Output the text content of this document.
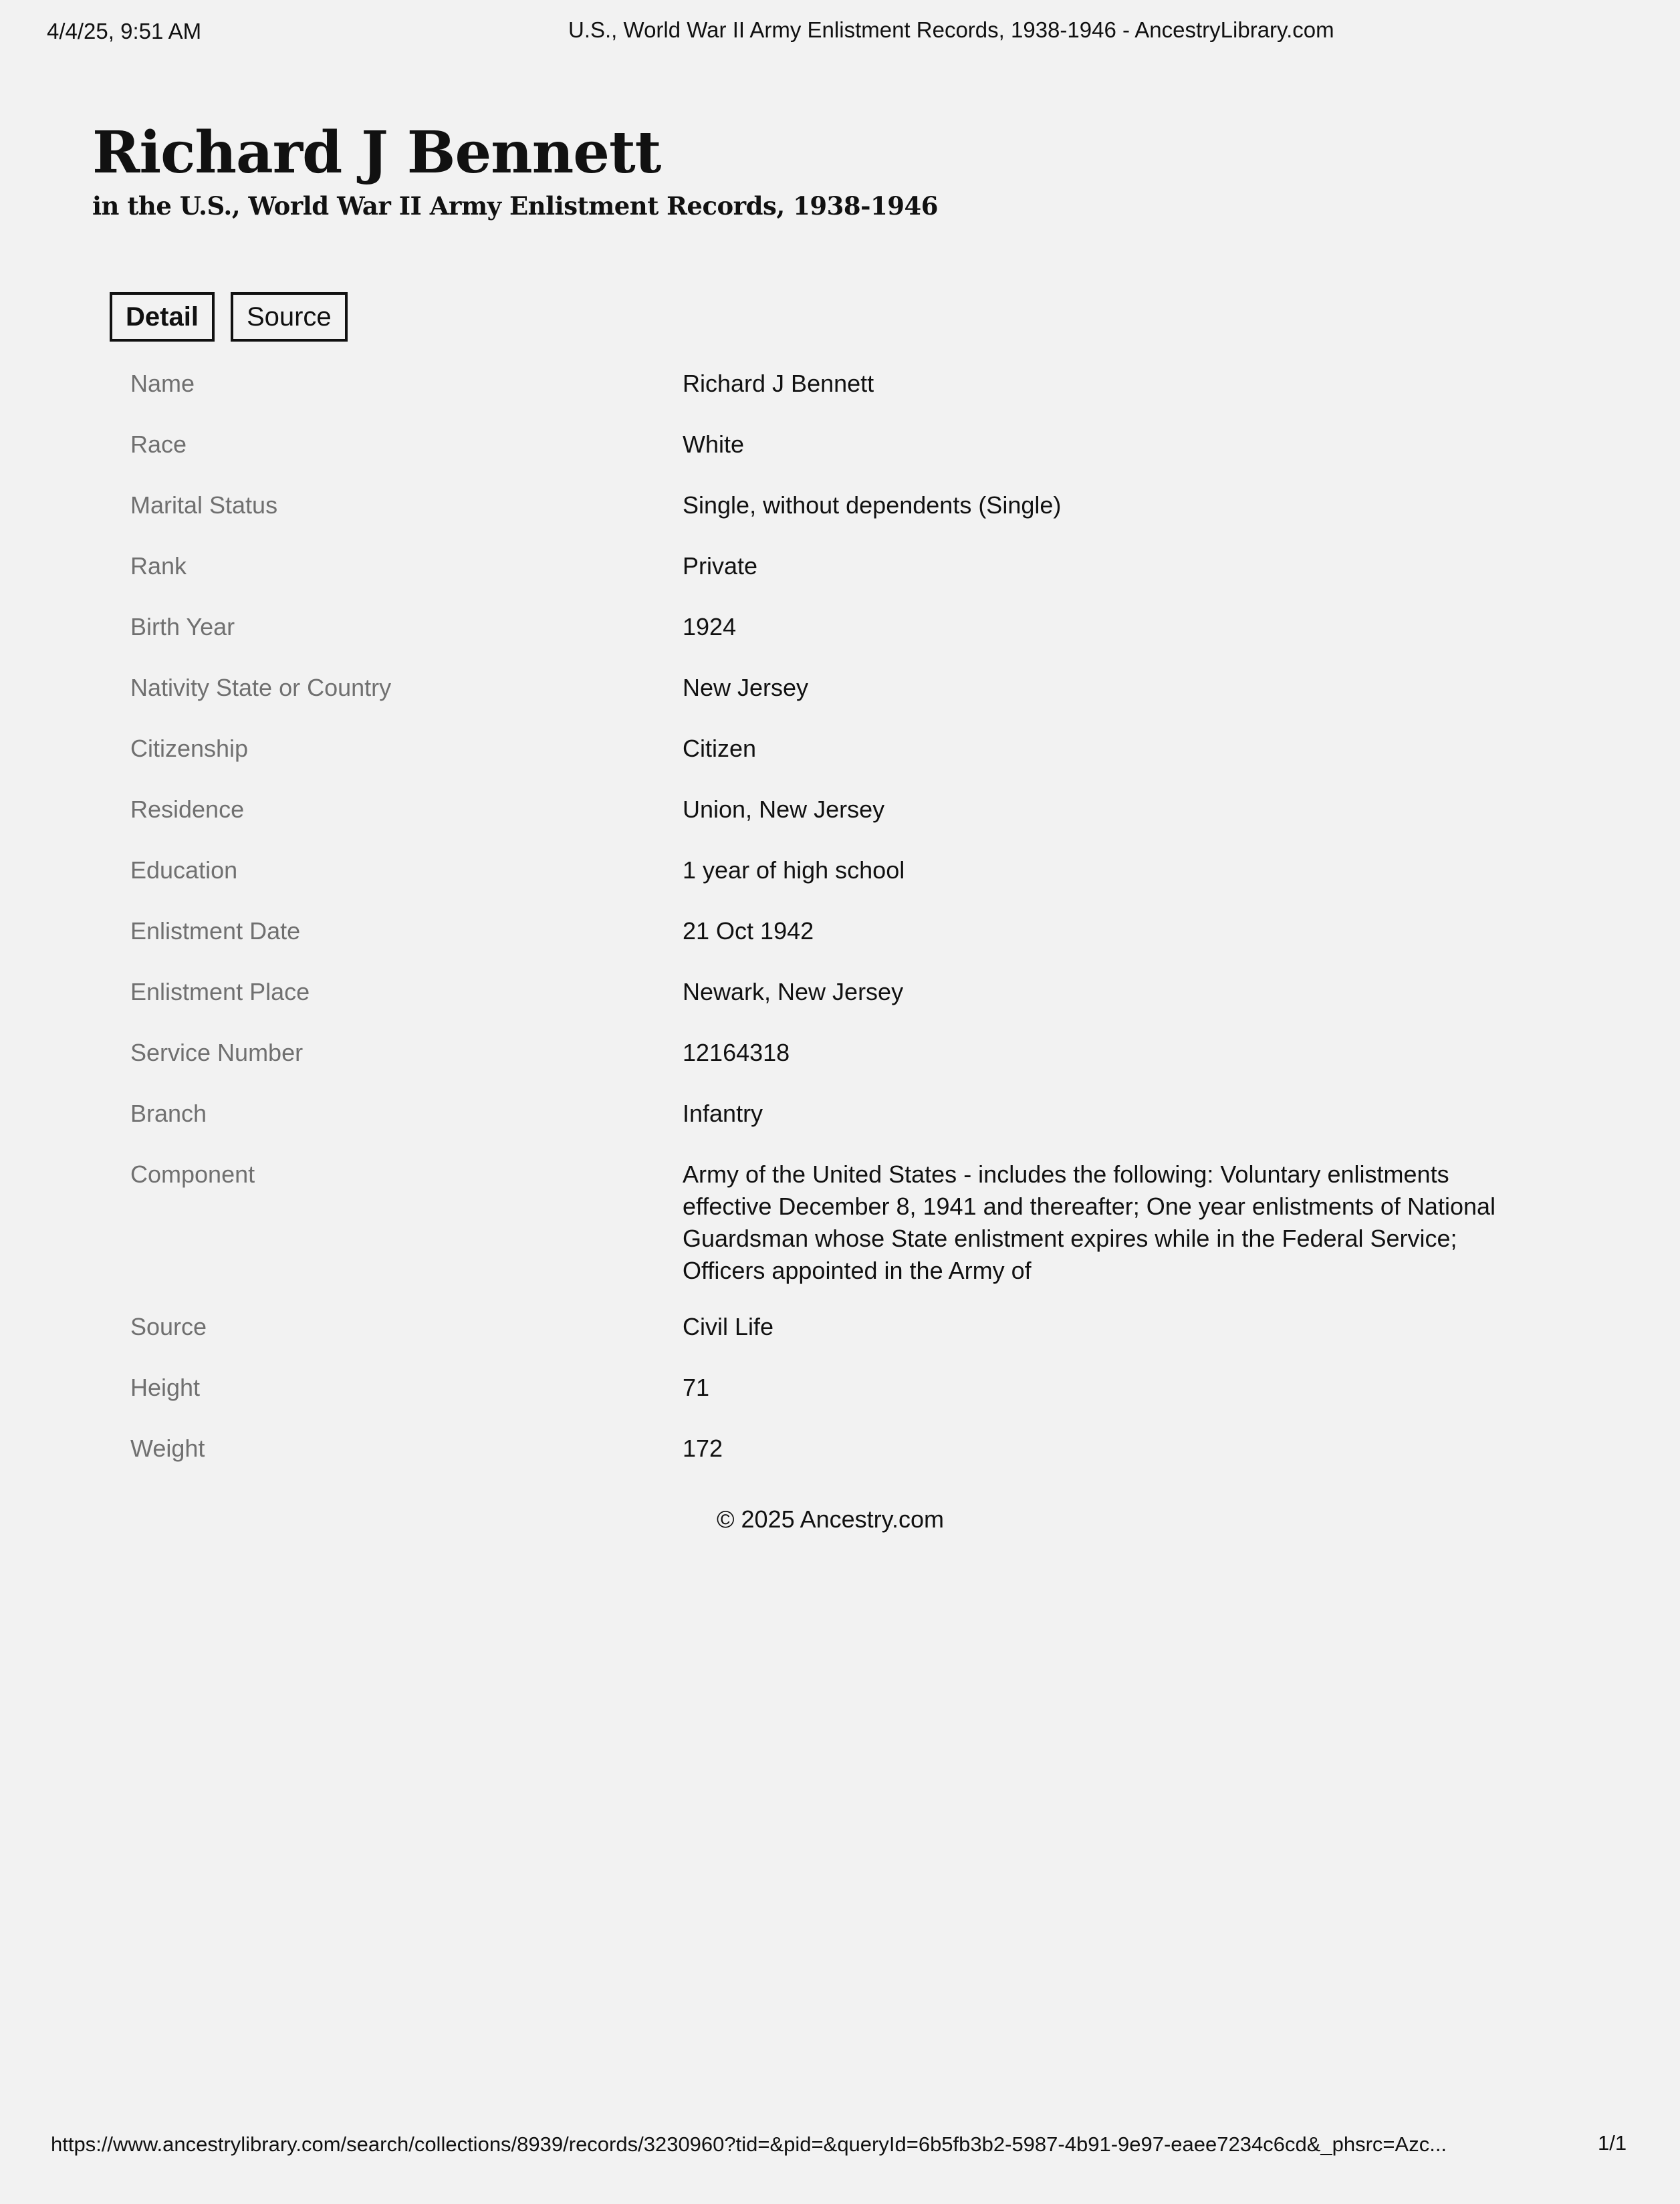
4/4/25, 9:51 AM	U.S., World War II Army Enlistment Records, 1938-1946 - AncestryLibrary.com
Richard J Bennett
in the U.S., World War II Army Enlistment Records, 1938-1946
Detail	Source
Name	Richard J Bennett
Race	White
Marital Status	Single, without dependents (Single)
Rank	Private
Birth Year	1924
Nativity State or Country	New Jersey
Citizenship	Citizen
Residence	Union, New Jersey
Education	1 year of high school
Enlistment Date	21 Oct 1942
Enlistment Place	Newark, New Jersey
Service Number	12164318
Branch	Infantry
Component	Army of the United States - includes the following: Voluntary enlistments effective December 8, 1941 and thereafter; One year enlistments of National Guardsman whose State enlistment expires while in the Federal Service; Officers appointed in the Army of
Source	Civil Life
Height	71
Weight	172
© 2025 Ancestry.com
https://www.ancestrylibrary.com/search/collections/8939/records/3230960?tid=&pid=&queryId=6b5fb3b2-5987-4b91-9e97-eaee7234c6cd&_phsrc=Azc...	1/1
